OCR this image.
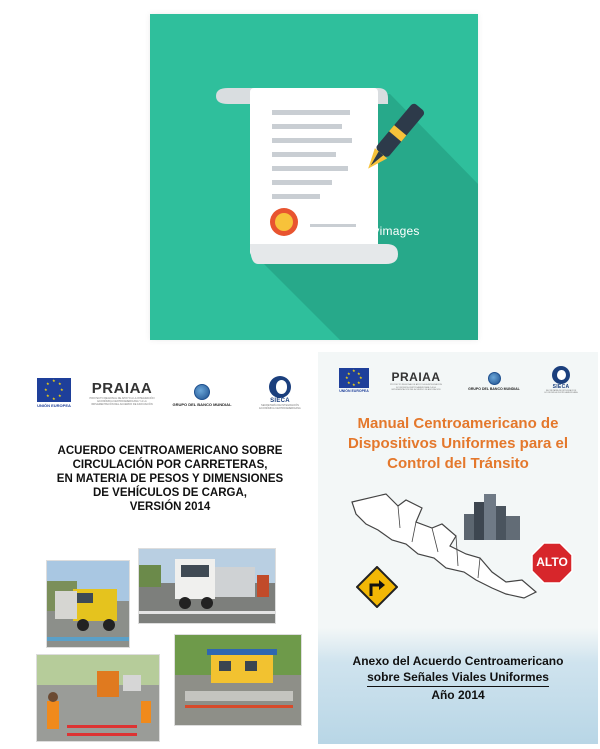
gettyimages
bortonia
★
★ ★
★	★
★ ★
★
UNIÓN EUROPEA
PRAIAA
PROYECTO REGIONAL DE APOYO A LA INTEGRACIÓN
ECONÓMICA CENTROAMERICANA Y A LA
IMPLEMENTACIÓN DEL ACUERDO DE ASOCIACIÓN	GRUPO DEL BANCO MUNDIAL
SIECA
SECRETARÍA DE INTEGRACIÓN
ECONÓMICA CENTROAMERICANA
ACUERDO CENTROAMERICANO SOBRE
CIRCULACIÓN POR CARRETERAS,
EN MATERIA DE PESOS Y DIMENSIONES
DE VEHÍCULOS DE CARGA,
VERSIÓN 2014
★
★ ★
★	★
★ ★
★
UNIÓN EUROPEA
PRAIAA
PROYECTO REGIONAL DE APOYO A LA INTEGRACIÓN
ECONÓMICA CENTROAMERICANA Y A LA
IMPLEMENTACIÓN DEL ACUERDO DE ASOCIACIÓN	GRUPO DEL BANCO MUNDIAL	SIECA
SECRETARÍA DE INTEGRACIÓN
ECONÓMICA CENTROAMERICANA
Manual Centroamericano de
Dispositivos Uniformes para el
Control del Tránsito
ALTO
Anexo del Acuerdo Centroamericano
sobre Señales Viales Uniformes
Año 2014
